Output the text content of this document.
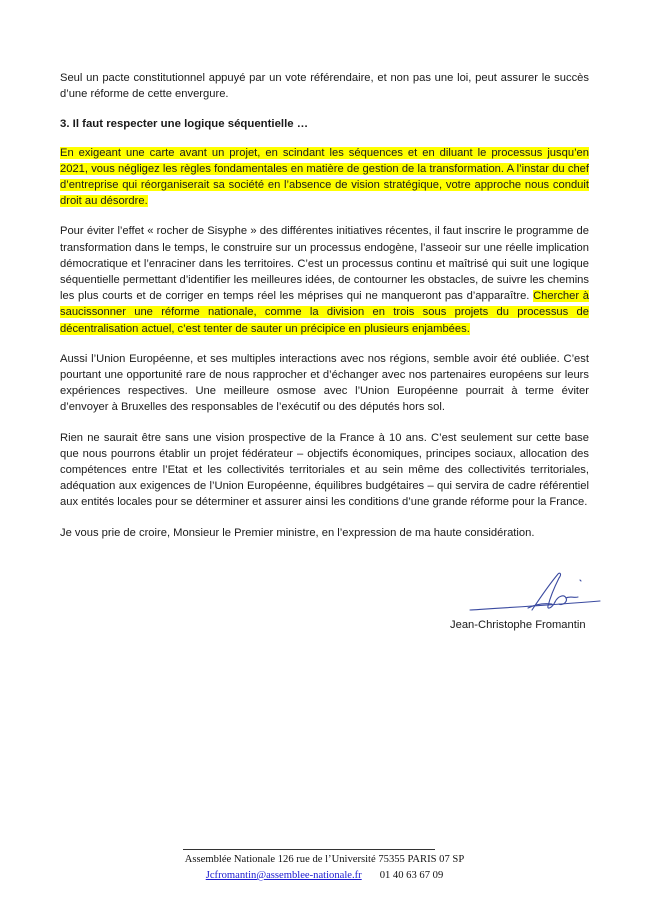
Seul un pacte constitutionnel appuyé par un vote référendaire, et non pas une loi, peut assurer le succès d’une réforme de cette envergure.

3. Il faut respecter une logique séquentielle …

En exigeant une carte avant un projet, en scindant les séquences et en diluant le processus jusqu’en 2021, vous négligez les règles fondamentales en matière de gestion de la transformation. A l’instar du chef d’entreprise qui réorganiserait sa société en l’absence de vision stratégique, votre approche nous conduit droit au désordre.

Pour éviter l’effet « rocher de Sisyphe » des différentes initiatives récentes, il faut inscrire le programme de transformation dans le temps, le construire sur un processus endogène, l’asseoir sur une réelle implication démocratique et l’enraciner dans les territoires. C’est un processus continu et maîtrisé qui suit une logique séquentielle permettant d’identifier les meilleures idées, de contourner les obstacles, de suivre les chemins les plus courts et de corriger en temps réel les méprises qui ne manqueront pas d’apparaître. Chercher à saucissonner une réforme nationale, comme la division en trois sous projets du processus de décentralisation actuel, c’est tenter de sauter un précipice en plusieurs enjambées.

Aussi l’Union Européenne, et ses multiples interactions avec nos régions, semble avoir été oubliée. C’est pourtant une opportunité rare de nous rapprocher et d’échanger avec nos partenaires européens sur leurs expériences respectives. Une meilleure osmose avec l’Union Européenne pourrait à terme éviter d’envoyer à Bruxelles des responsables de l’exécutif ou des députés hors sol.

Rien ne saurait être sans une vision prospective de la France à 10 ans. C’est seulement sur cette base que nous pourrons établir un projet fédérateur – objectifs économiques, principes sociaux, allocation des compétences entre l’Etat et les collectivités territoriales et au sein même des collectivités territoriales, adéquation aux exigences de l’Union Européenne, équilibres budgétaires – qui servira de cadre référentiel aux entités locales pour se déterminer et assurer ainsi les conditions d’une grande réforme pour la France.

Je vous prie de croire, Monsieur le Premier ministre, en l’expression de ma haute considération.

Jean-Christophe Fromantin
Assemblée Nationale 126 rue de l’Université 75355 PARIS 07 SP
Jcfromantin@assemblee-nationale.fr 01 40 63 67 09
